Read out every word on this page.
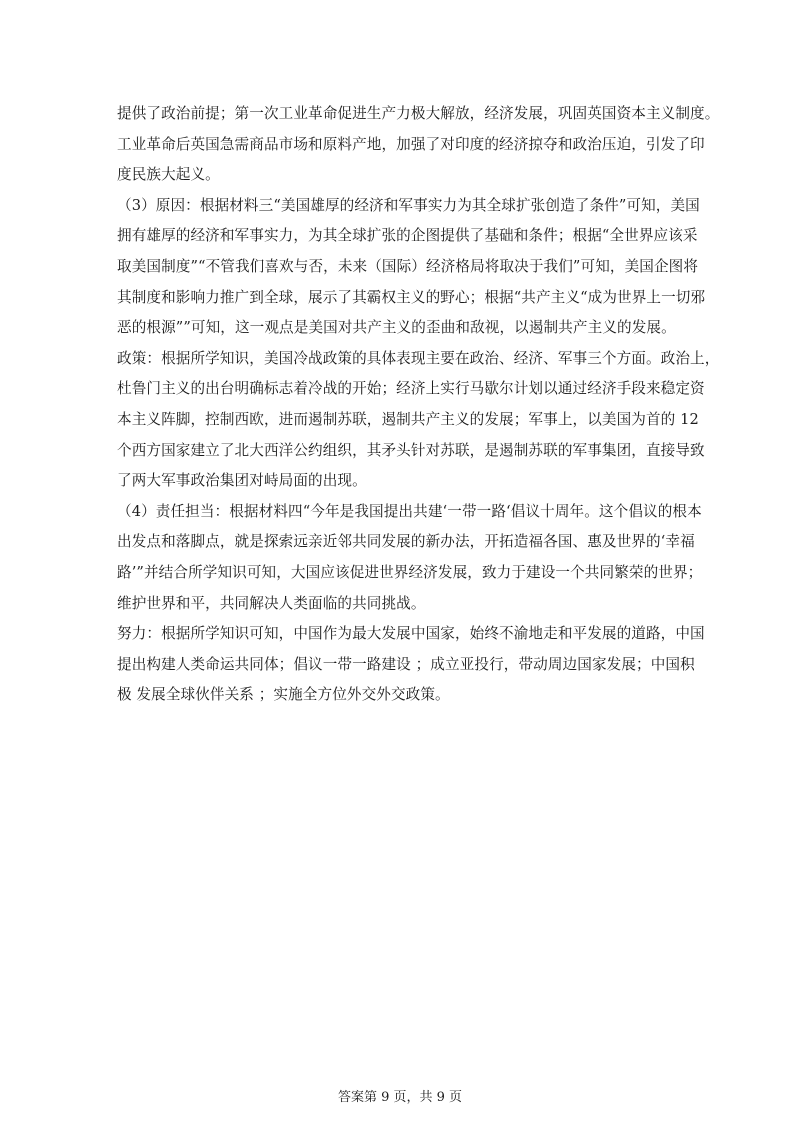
提供了政治前提；第一次工业革命促进生产力极大解放，经济发展，巩固英国资本主义制度。
工业革命后英国急需商品市场和原料产地，加强了对印度的经济掠夺和政治压迫，引发了印
度民族大起义。
（3）原因：根据材料三“美国雄厚的经济和军事实力为其全球扩张创造了条件”可知，美国
拥有雄厚的经济和军事实力，为其全球扩张的企图提供了基础和条件；根据“全世界应该采
取美国制度”“不管我们喜欢与否，未来（国际）经济格局将取决于我们”可知，美国企图将
其制度和影响力推广到全球，展示了其霸权主义的野心；根据“共产主义“成为世界上一切邪
恶的根源””可知，这一观点是美国对共产主义的歪曲和敌视，以遏制共产主义的发展。
政策：根据所学知识，美国冷战政策的具体表现主要在政治、经济、军事三个方面。政治上，
杜鲁门主义的出台明确标志着冷战的开始；经济上实行马歇尔计划以通过经济手段来稳定资
本主义阵脚，控制西欧，进而遏制苏联，遏制共产主义的发展；军事上，以美国为首的 12
个西方国家建立了北大西洋公约组织，其矛头针对苏联，是遏制苏联的军事集团，直接导致
了两大军事政治集团对峙局面的出现。
（4）责任担当：根据材料四“今年是我国提出共建‘一带一路‘倡议十周年。这个倡议的根本
出发点和落脚点，就是探索远亲近邻共同发展的新办法，开拓造福各国、惠及世界的‘幸福
路’”并结合所学知识可知，大国应该促进世界经济发展，致力于建设一个共同繁荣的世界；
维护世界和平，共同解决人类面临的共同挑战。
努力：根据所学知识可知，中国作为最大发展中国家，始终不渝地走和平发展的道路，中国
提出构建人类命运共同体；倡议一带一路建设 ；成立亚投行，带动周边国家发展；中国积
极 发展全球伙伴关系 ；实施全方位外交外交政策。
答案第 9 页，共 9 页
